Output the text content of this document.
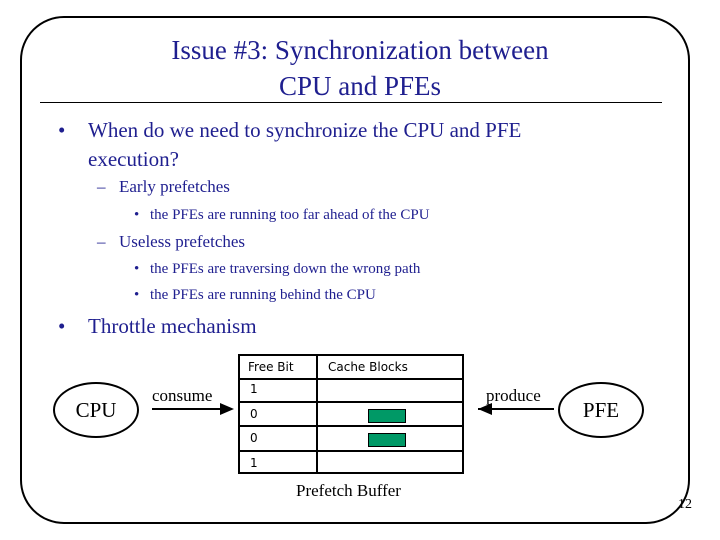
Issue #3: Synchronization between
CPU and PFEs
• When do we need to synchronize the CPU and PFE
execution?
– Early prefetches
• the PFEs are running too far ahead of the CPU
– Useless prefetches
• the PFEs are traversing down the wrong path
• the PFEs are running behind the CPU
• Throttle mechanism
CPU
consume
Free Bit	Cache Blocks
1
0
0
1
produce
PFE
Prefetch Buffer
12
